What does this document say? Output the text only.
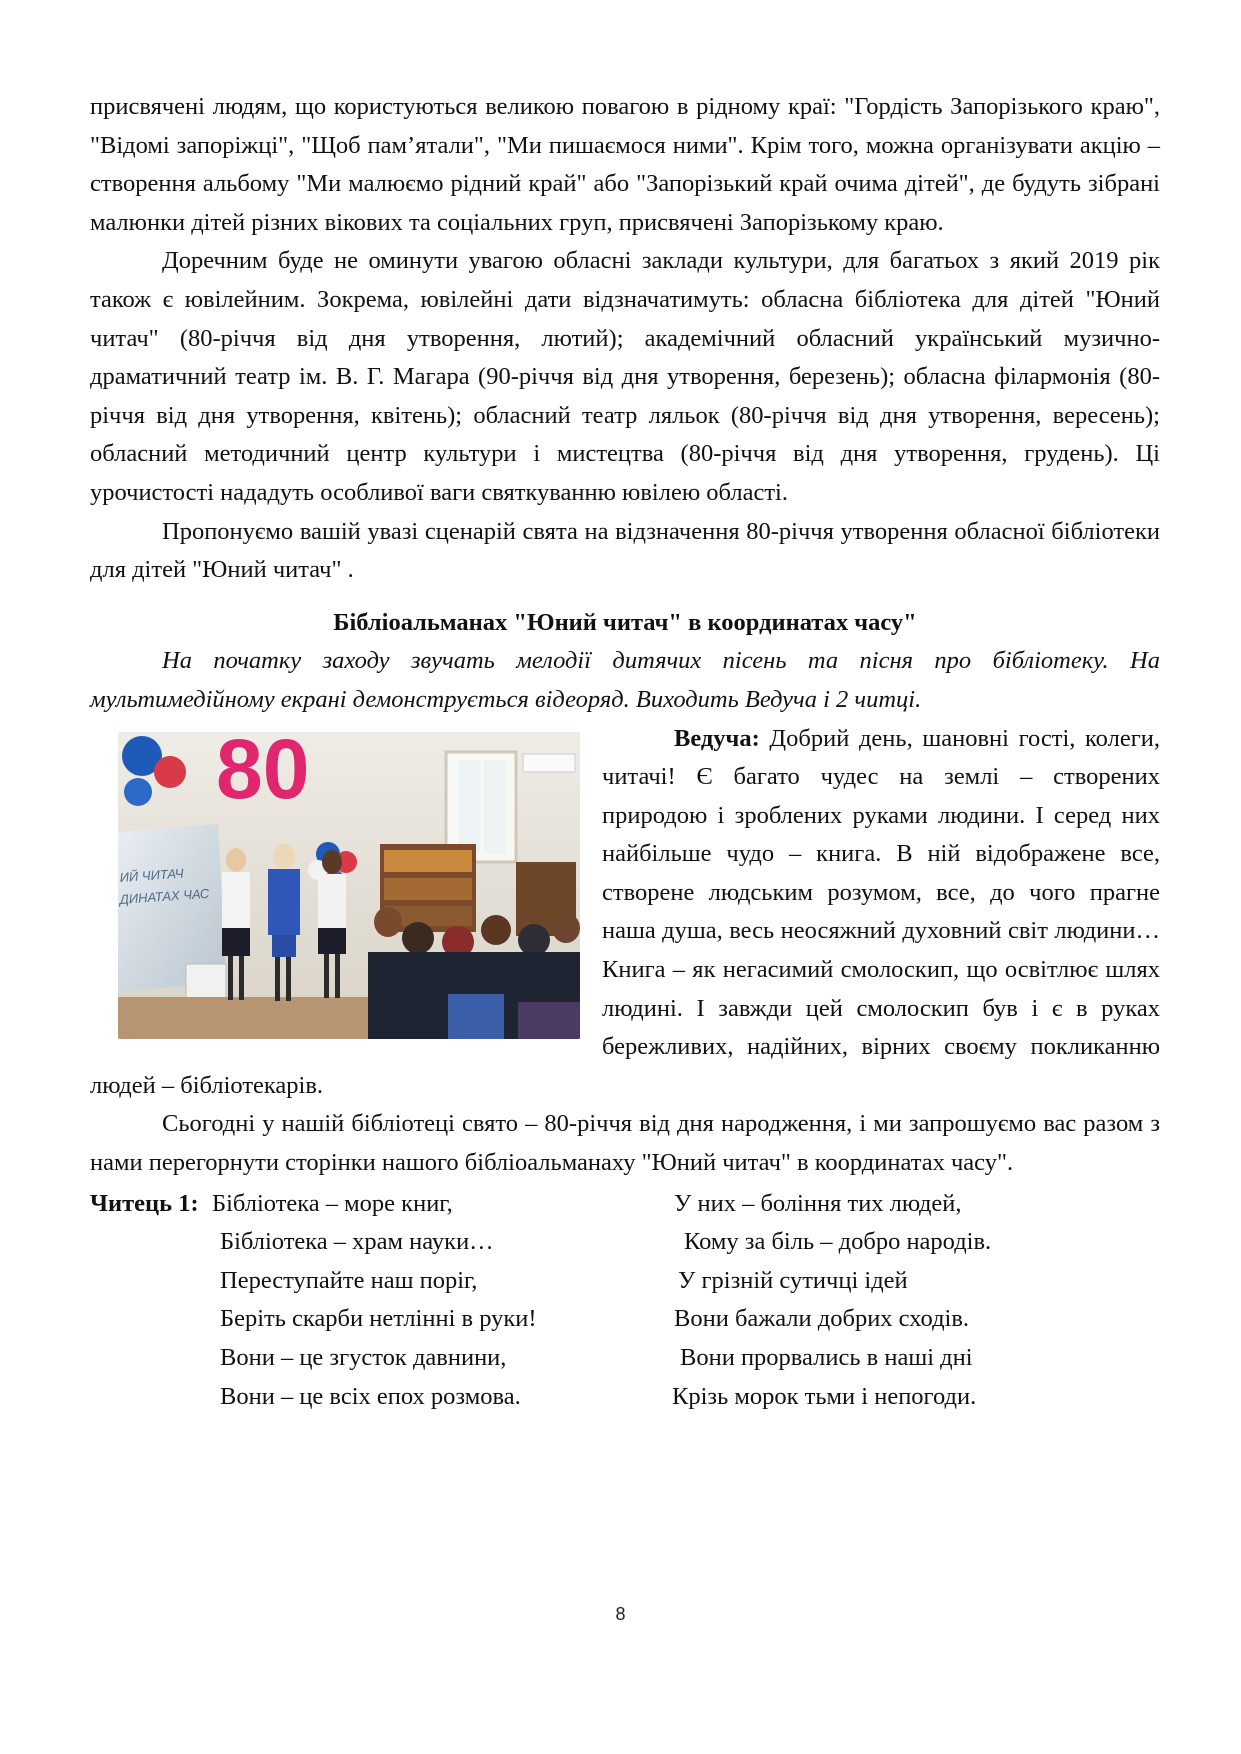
присвячені людям, що користуються великою повагою в рідному краї: "Гордість Запорізького краю", "Відомі запоріжці", "Щоб пам’ятали", "Ми пишаємося ними". Крім того, можна організувати акцію – створення альбому "Ми малюємо рідний край" або "Запорізький край очима дітей", де будуть зібрані малюнки дітей різних вікових та соціальних груп, присвячені Запорізькому краю.

Доречним буде не оминути увагою обласні заклади культури, для багатьох з який 2019 рік також є ювілейним. Зокрема, ювілейні дати відзначатимуть: обласна бібліотека для дітей "Юний читач" (80-річчя від дня утворення, лютий); академічний обласний український музично-драматичний театр ім. В. Г. Магара (90-річчя від дня утворення, березень); обласна філармонія (80-річчя від дня утворення, квітень); обласний театр ляльок (80-річчя від дня утворення, вересень); обласний методичний центр культури і мистецтва (80-річчя від дня утворення, грудень). Ці урочистості нададуть особливої ваги святкуванню ювілею області.

Пропонуємо вашій увазі сценарій свята на відзначення 80-річчя утворення обласної бібліотеки для дітей "Юний читач" .

Бібліоальманах "Юний читач" в координатах часу"

На початку заходу звучать мелодії дитячих пісень та пісня про бібліотеку. На мультимедійному екрані демонструється відеоряд. Виходить Ведуча і 2 читці.

80
ИЙ ЧИТАЧ
ДИНАТАХ ЧАС

Ведуча: Добрий день, шановні гості, колеги, читачі! Є багато чудес на землі – створених природою і зроблених руками людини. І серед них найбільше чудо – книга. В ній відображене все, створене людським розумом, все, до чого прагне наша душа, весь неосяжний духовний світ людини… Книга – як негасимий смолоскип, що освітлює шлях людині. І завжди цей смолоскип був і є в руках бережливих, надійних, вірних своєму покликанню людей – бібліотекарів.

Сьогодні у нашій бібліотеці свято – 80-річчя від дня народження, і ми запрошуємо вас разом з нами перегорнути сторінки нашого бібліоальманаху "Юний читач" в координатах часу".

Читець 1: Бібліотека – море книг,
Бібліотека – храм науки…
Переступайте наш поріг,
Беріть скарби нетлінні в руки!
Вони – це згусток давнини,
Вони – це всіх епох розмова.
У них – боління тих людей,
Кому за біль – добро народів.
У грізній сутичці ідей
Вони бажали добрих сходів.
Вони прорвались в наші дні
Крізь морок тьми і непогоди.
8
